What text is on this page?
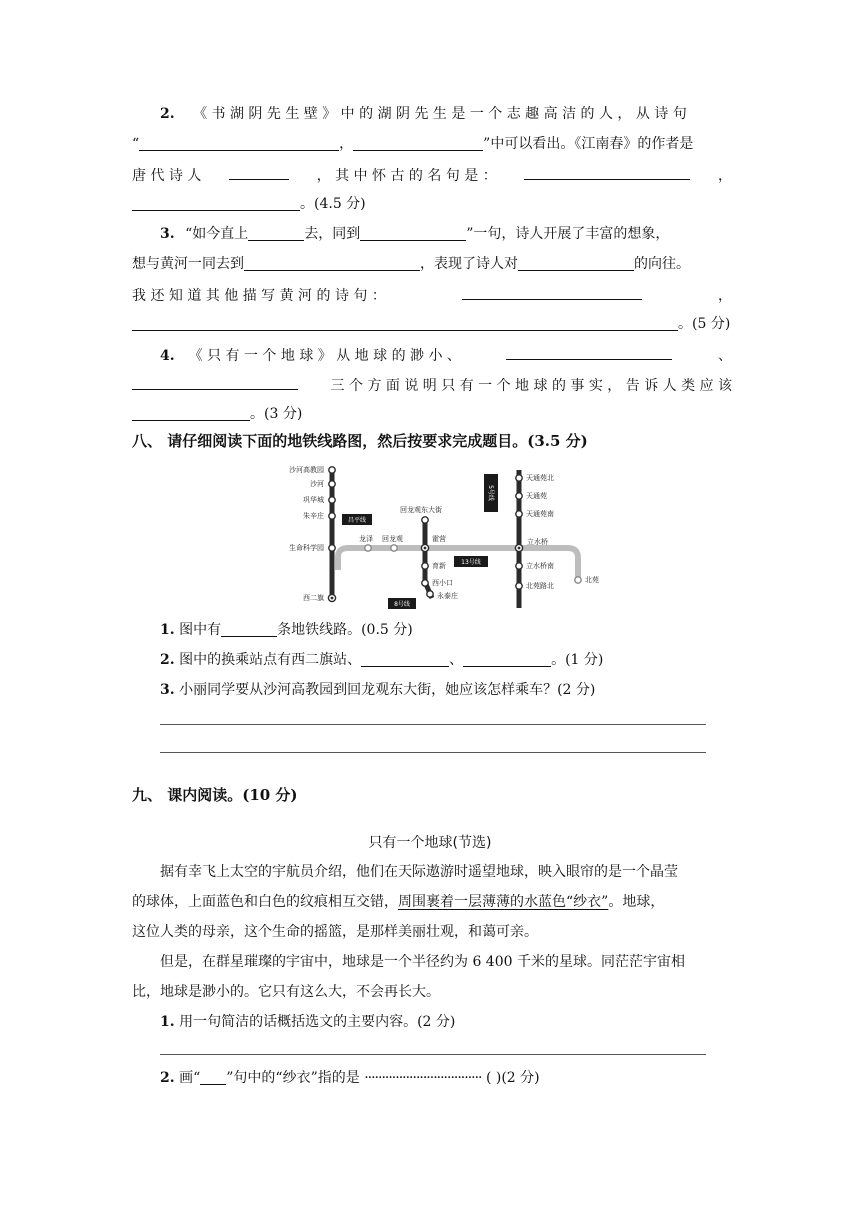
2. 《 书 湖 阴 先 生 壁 》 中 的 湖 阴 先 生 是 一 个 志 趣 高 洁 的 人 ， 从 诗 句
“	，	”中可以看出。《江南春》的作者是
唐 代 诗 人	， 其 中 怀 古 的 名 句 是 ：	，
。(4.5 分)
3. “如今直上	去，同到	”一句，诗人开展了丰富的想象，
想与黄河一同去到	，表现了诗人对	的向往。
我 还 知 道 其 他 描 写 黄 河 的 诗 句 ：	，
。(5 分)
4. 《 只 有 一 个 地 球 》 从 地 球 的 渺 小 、	、
三 个 方 面 说 明 只 有 一 个 地 球 的 事 实 ， 告 诉 人 类 应 该
。(3 分)
八、 请仔细阅读下面的地铁线路图，然后按要求完成题目。(3.5 分)
沙河高教园
沙河
巩华城
朱辛庄
生命科学园
西二旗
龙泽 回龙观	霍营	立水桥
北苑
回龙观东大街
育新
西小口
永泰庄
天通苑北
天通苑
天通苑南
立水桥南
北苑路北
昌平线
13号线
8号线
5号线
1. 图中有	条地铁线路。(0.5 分)
2. 图中的换乘站点有西二旗站、	、	。(1 分)
3. 小丽同学要从沙河高教园到回龙观东大街，她应该怎样乘车？(2 分)
九、 课内阅读。(10 分)
只有一个地球(节选)
据有幸飞上太空的宇航员介绍，他们在天际遨游时遥望地球，映入眼帘的是一个晶莹
的球体，上面蓝色和白色的纹痕相互交错，周围裹着一层薄薄的水蓝色“纱衣”。地球，
这位人类的母亲，这个生命的摇篮，是那样美丽壮观，和蔼可亲。
但是，在群星璀璨的宇宙中，地球是一个半径约为 6 400 千米的星球。同茫茫宇宙相
比，地球是渺小的。它只有这么大，不会再长大。
1. 用一句简洁的话概括选文的主要内容。(2 分)
2. 画“ ”句中的“纱衣”指的是 ·································· ( )(2 分)
